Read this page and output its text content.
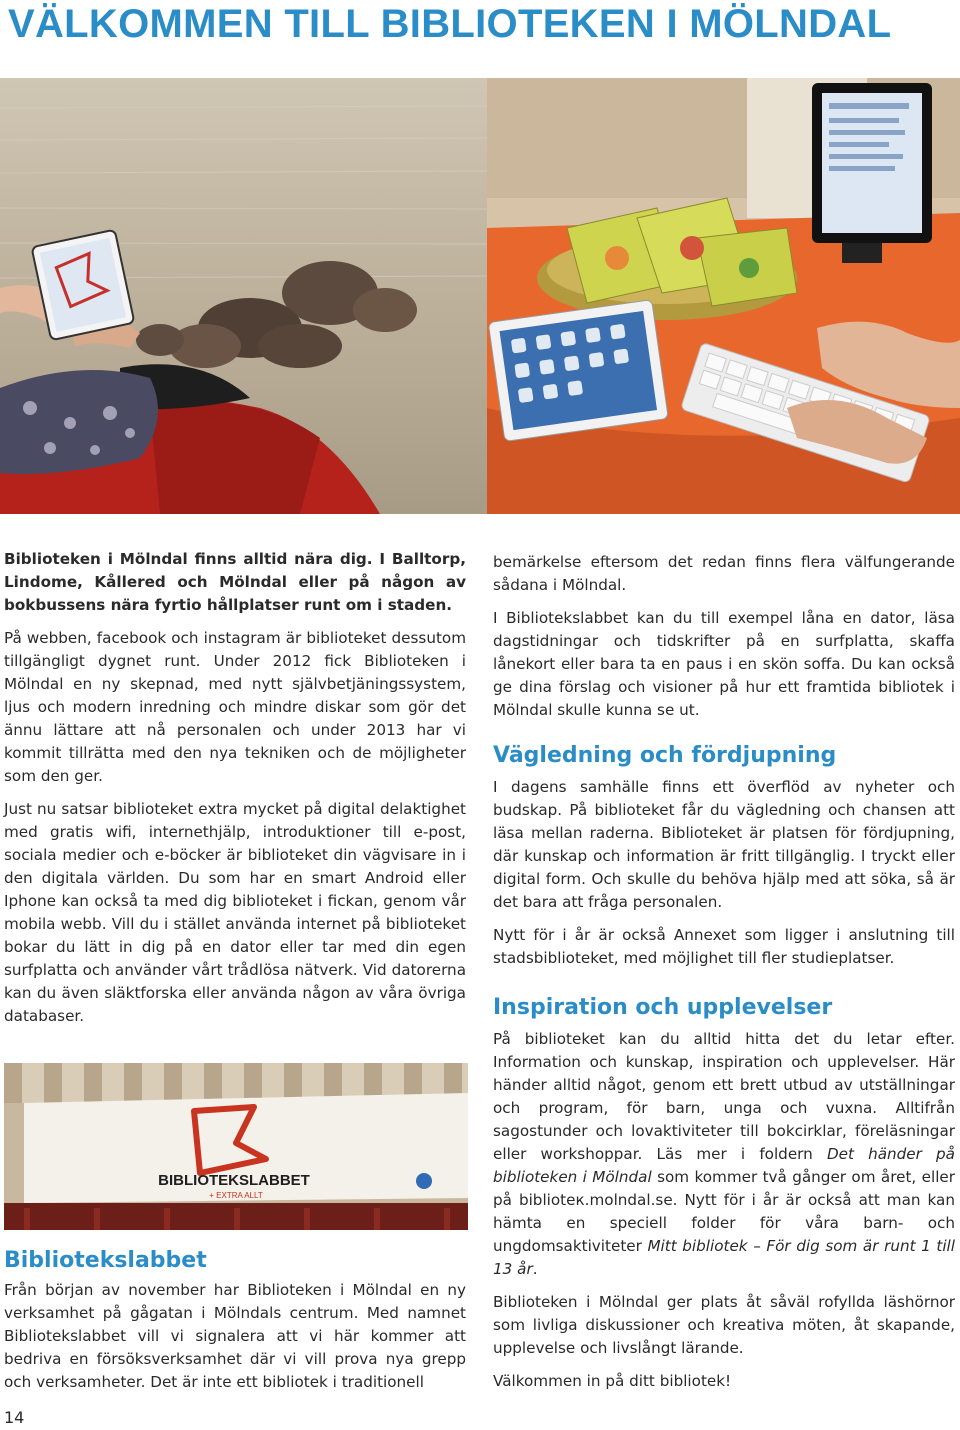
VÄLKOMMEN TILL BIBLIOTEKEN I MÖLNDAL

Biblioteken i Mölndal finns alltid nära dig. I Balltorp, Lindome, Kållered och Mölndal eller på någon av bokbussens nära fyrtio hållplatser runt om i staden.

På webben, facebook och instagram är biblioteket dessutom tillgängligt dygnet runt. Under 2012 fick Biblioteken i Mölndal en ny skepnad, med nytt självbetjäningssystem, ljus och modern inredning och mindre diskar som gör det ännu lättare att nå personalen och under 2013 har vi kommit tillrätta med den nya tekniken och de möjligheter som den ger.

Just nu satsar biblioteket extra mycket på digital delaktighet med gratis wifi, internethjälp, introduktioner till e-post, sociala medier och e-böcker är biblioteket din vägvisare in i den digitala världen. Du som har en smart Android eller Iphone kan också ta med dig biblioteket i fickan, genom vår mobila webb. Vill du i stället använda internet på biblioteket bokar du lätt in dig på en dator eller tar med din egen surfplatta och använder vårt trådlösa nätverk. Vid datorerna kan du även släktforska eller använda någon av våra övriga databaser.

BIBLIOTEKSLABBET
+ EXTRA ALLT
Bibliotekslabbet

Från början av november har Biblioteken i Mölndal en ny verksamhet på gågatan i Mölndals centrum. Med namnet Bibliotekslabbet vill vi signalera att vi här kommer att bedriva en försöksverksamhet där vi vill prova nya grepp och verksamheter. Det är inte ett bibliotek i traditionell

bemärkelse eftersom det redan finns flera välfungerande sådana i Mölndal.

I Bibliotekslabbet kan du till exempel låna en dator, läsa dagstidningar och tidskrifter på en surfplatta, skaffa lånekort eller bara ta en paus i en skön soffa. Du kan också ge dina förslag och visioner på hur ett framtida bibliotek i Mölndal skulle kunna se ut.

Vägledning och fördjupning

I dagens samhälle finns ett överflöd av nyheter och budskap. På biblioteket får du vägledning och chansen att läsa mellan raderna. Biblioteket är platsen för fördjupning, där kunskap och information är fritt tillgänglig. I tryckt eller digital form. Och skulle du behöva hjälp med att söka, så är det bara att fråga personalen.

Nytt för i år är också Annexet som ligger i anslutning till stadsbiblioteket, med möjlighet till fler studieplatser.

Inspiration och upplevelser

På biblioteket kan du alltid hitta det du letar efter. Information och kunskap, inspiration och upplevelser. Här händer alltid något, genom ett brett utbud av utställningar och program, för barn, unga och vuxna. Alltifrån sagostunder och lovaktiviteter till bokcirklar, föreläsningar eller workshoppar. Läs mer i foldern Det händer på biblioteken i Mölndal som kommer två gånger om året, eller på biblioteк.molndal.se. Nytt för i år är också att man kan hämta en speciell folder för våra barn- och ungdomsaktiviteter Mitt bibliotek – För dig som är runt 1 till 13 år.

Biblioteken i Mölndal ger plats åt såväl rofyllda läshörnor som livliga diskussioner och kreativa möten, åt skapande, upplevelse och livslångt lärande.

Välkommen in på ditt bibliotek!

14
